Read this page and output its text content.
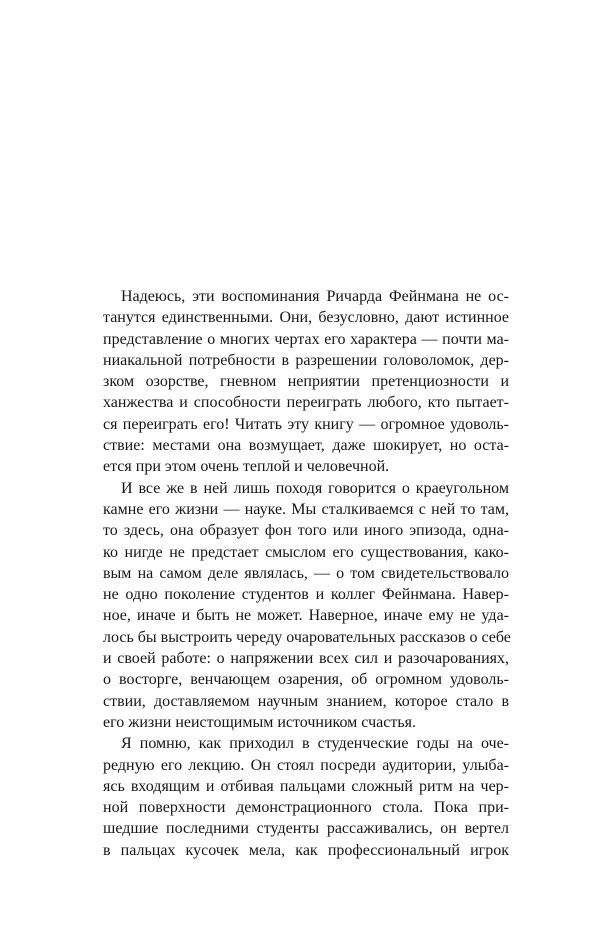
Надеюсь, эти воспоминания Ричарда Фейнмана не ос-
танутся единственными. Они, безусловно, дают истинное
представление о многих чертах его характера — почти ма-
ниакальной потребности в разрешении головоломок, дер-
зком озорстве, гневном неприятии претенциозности и
ханжества и способности переиграть любого, кто пытает-
ся переиграть его! Читать эту книгу — огромное удоволь-
ствие: местами она возмущает, даже шокирует, но оста-
ется при этом очень теплой и человечной.
И все же в ней лишь походя говорится о краеугольном
камне его жизни — науке. Мы сталкиваемся с ней то там,
то здесь, она образует фон того или иного эпизода, одна-
ко нигде не предстает смыслом его существования, како-
вым на самом деле являлась, — о том свидетельствовало
не одно поколение студентов и коллег Фейнмана. Навер-
ное, иначе и быть не может. Наверное, иначе ему не уда-
лось бы выстроить череду очаровательных рассказов о себе
и своей работе: о напряжении всех сил и разочарованиях,
о восторге, венчающем озарения, об огромном удоволь-
ствии, доставляемом научным знанием, которое стало в
его жизни неистощимым источником счастья.
Я помню, как приходил в студенческие годы на оче-
редную его лекцию. Он стоял посреди аудитории, улыба-
ясь входящим и отбивая пальцами сложный ритм на чер-
ной поверхности демонстрационного стола. Пока при-
шедшие последними студенты рассаживались, он вертел
в пальцах кусочек мела, как профессиональный игрок
